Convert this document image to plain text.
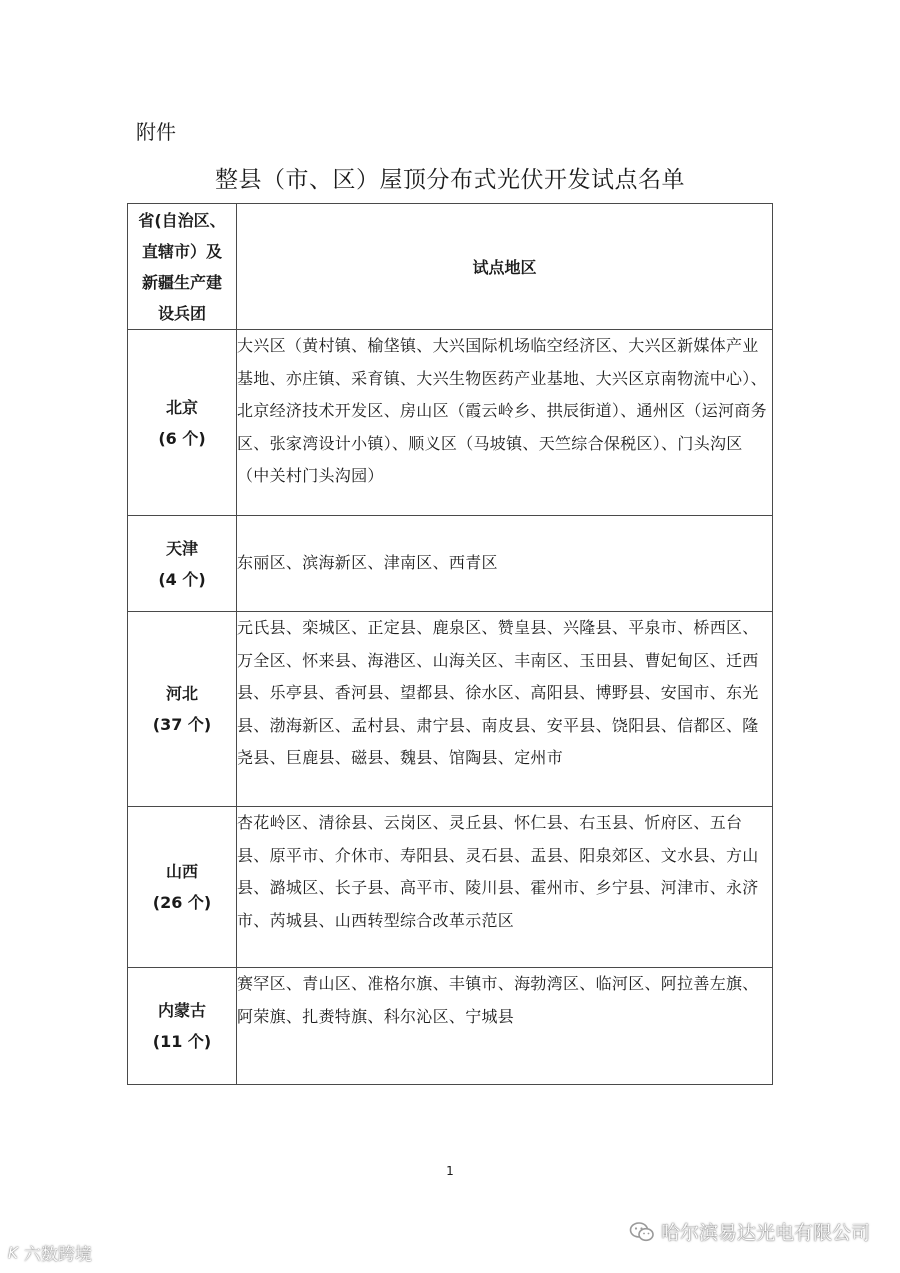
附件
整县（市、区）屋顶分布式光伏开发试点名单
省(自治区、
直辖市）及
新疆生产建
设兵团	试点地区
北京
(6 个)	大兴区（黄村镇、榆垡镇、大兴国际机场临空经济区、大兴区新媒体产业基地、亦庄镇、采育镇、大兴生物医药产业基地、大兴区京南物流中心）、北京经济技术开发区、房山区（霞云岭乡、拱辰街道）、通州区（运河商务区、张家湾设计小镇）、顺义区（马坡镇、天竺综合保税区）、门头沟区（中关村门头沟园）
天津
(4 个)	东丽区、滨海新区、津南区、西青区
河北
(37 个)	元氏县、栾城区、正定县、鹿泉区、赞皇县、兴隆县、平泉市、桥西区、万全区、怀来县、海港区、山海关区、丰南区、玉田县、曹妃甸区、迁西县、乐亭县、香河县、望都县、徐水区、高阳县、博野县、安国市、东光县、渤海新区、孟村县、肃宁县、南皮县、安平县、饶阳县、信都区、隆尧县、巨鹿县、磁县、魏县、馆陶县、定州市
山西
(26 个)	杏花岭区、清徐县、云岗区、灵丘县、怀仁县、右玉县、忻府区、五台县、原平市、介休市、寿阳县、灵石县、盂县、阳泉郊区、文水县、方山县、潞城区、长子县、高平市、陵川县、霍州市、乡宁县、河津市、永济市、芮城县、山西转型综合改革示范区
内蒙古
(11 个)	赛罕区、青山区、准格尔旗、丰镇市、海勃湾区、临河区、阿拉善左旗、阿荣旗、扎赉特旗、科尔沁区、宁城县
1
哈尔滨易达光电有限公司
K 六数跨境
